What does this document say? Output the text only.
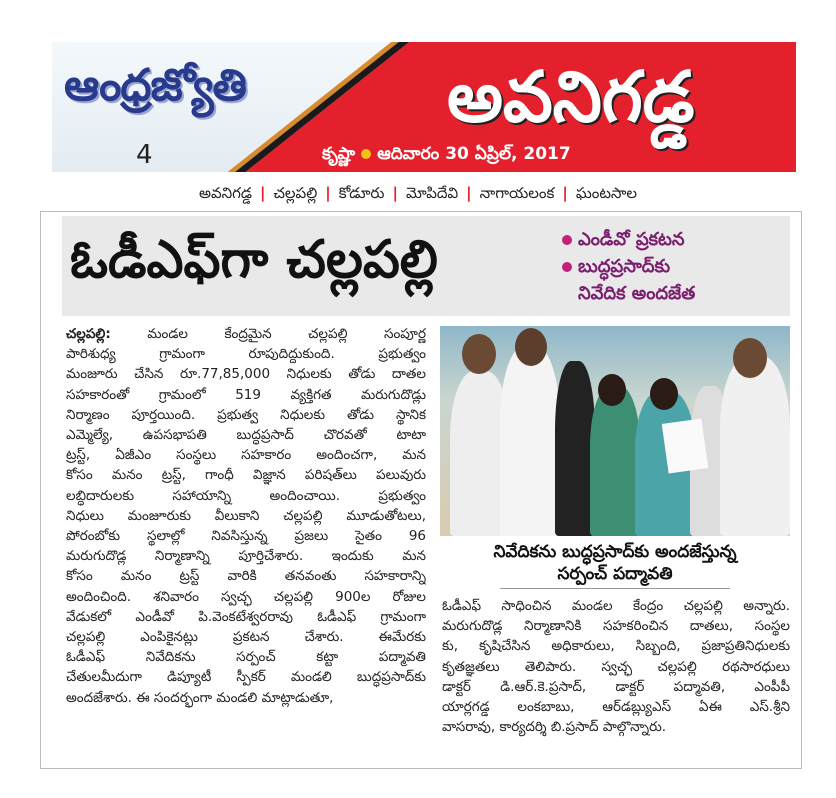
ఆంధ్రజ్యోతి
4
అవనిగడ్డ
కృష్ణా ఆదివారం 30 ఏప్రిల్, 2017
అవనిగడ్డ | చల్లపల్లి | కోడూరు | మోపిదేవి | నాగాయలంక | ఘంటసాల
ఓడీఎఫ్‌గా చల్లపల్లి	ఎండీవో ప్రకటన
బుద్ధప్రసాద్‌కు
నివేదిక అందజేత
చల్లపల్లి: మండల కేంద్రమైన చల్లపల్లి సంపూర్ణ
పారిశుధ్య గ్రామంగా రూపుదిద్దుకుంది. ప్రభుత్వం
మంజూరు చేసిన రూ.77,85,000 నిధులకు తోడు దాతల
సహకారంతో గ్రామంలో 519 వ్యక్తిగత మరుగుదొడ్లు
నిర్మాణం పూర్తయింది. ప్రభుత్వ నిధులకు తోడు స్థానిక
ఎమ్మెల్యే, ఉపసభాపతి బుద్ధప్రసాద్ చొరవతో టాటా
ట్రస్ట్, ఏజీఎం సంస్థలు సహకారం అందించగా, మన
కోసం మనం ట్రస్ట్, గాంధీ విజ్ఞాన పరిషత్‌లు పలువురు
లబ్ధిదారులకు సహాయాన్ని అందించాయి. ప్రభుత్వం
నిధులు మంజూరుకు వీలుకాని చల్లపల్లి మూడుతోటలు,
పోరంబోకు స్థలాల్లో నివసిస్తున్న ప్రజలు సైతం 96
మరుగుదొడ్ల నిర్మాణాన్ని పూర్తిచేశారు. ఇందుకు మన
కోసం మనం ట్రస్ట్ వారికి తనవంతు సహకారాన్ని
అందించింది. శనివారం స్వచ్ఛ చల్లపల్లి 900ల రోజుల
వేడుకలో ఎండీవో పి.వెంకటేశ్వరరావు ఓడీఎఫ్ గ్రామంగా
చల్లపల్లి ఎంపికైనట్లు ప్రకటన చేశారు. ఈమేరకు
ఓడీఎఫ్ నివేదికను సర్పంచ్ కట్టా పద్మావతి
చేతులమీదుగా డిప్యూటీ స్పీకర్ మండలి బుద్ధప్రసాద్‌కు
అందజేశారు. ఈ సందర్భంగా మండలి మాట్లాడుతూ,
నివేదికను బుద్ధప్రసాద్‌కు అందజేస్తున్న
సర్పంచ్ పద్మావతి
ఓడీఎఫ్ సాధించిన మండల కేంద్రం చల్లపల్లి అన్నారు.
మరుగుదొడ్ల నిర్మాణానికి సహకరించిన దాతలు, సంస్థల
కు, కృషిచేసిన అధికారులు, సిబ్బంది, ప్రజాప్రతినిధులకు
కృతజ్ఞతలు తెలిపారు. స్వచ్ఛ చల్లపల్లి రథసారధులు
డాక్టర్ డి.ఆర్.కె.ప్రసాద్, డాక్టర్ పద్మావతి, ఎంపీపీ
యార్లగడ్డ లంకబాబు, ఆర్‌డబ్ల్యుఎస్ ఏఈ ఎస్.శ్రీని
వాసరావు, కార్యదర్శి బి.ప్రసాద్ పాల్గొన్నారు.
